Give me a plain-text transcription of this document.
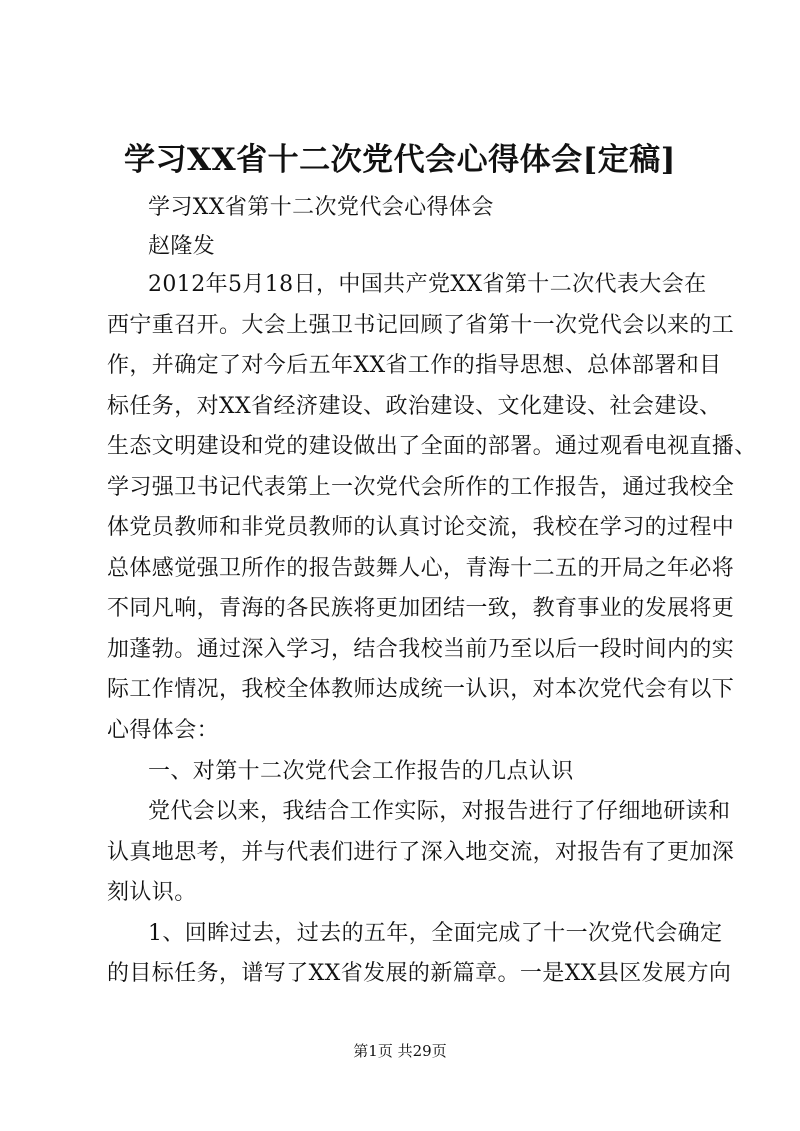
学习XX省十二次党代会心得体会[定稿]
学习XX省第十二次党代会心得体会
赵隆发
2012年5月18日，中国共产党XX省第十二次代表大会在
西宁重召开。大会上强卫书记回顾了省第十一次党代会以来的工
作，并确定了对今后五年XX省工作的指导思想、总体部署和目
标任务，对XX省经济建设、政治建设、文化建设、社会建设、
生态文明建设和党的建设做出了全面的部署。通过观看电视直播、
学习强卫书记代表第上一次党代会所作的工作报告，通过我校全
体党员教师和非党员教师的认真讨论交流，我校在学习的过程中
总体感觉强卫所作的报告鼓舞人心，青海十二五的开局之年必将
不同凡响，青海的各民族将更加团结一致，教育事业的发展将更
加蓬勃。通过深入学习，结合我校当前乃至以后一段时间内的实
际工作情况，我校全体教师达成统一认识，对本次党代会有以下
心得体会：
一、对第十二次党代会工作报告的几点认识
党代会以来，我结合工作实际，对报告进行了仔细地研读和
认真地思考，并与代表们进行了深入地交流，对报告有了更加深
刻认识。
1、回眸过去，过去的五年，全面完成了十一次党代会确定
的目标任务，谱写了XX省发展的新篇章。一是XX县区发展方向
第1页 共29页
